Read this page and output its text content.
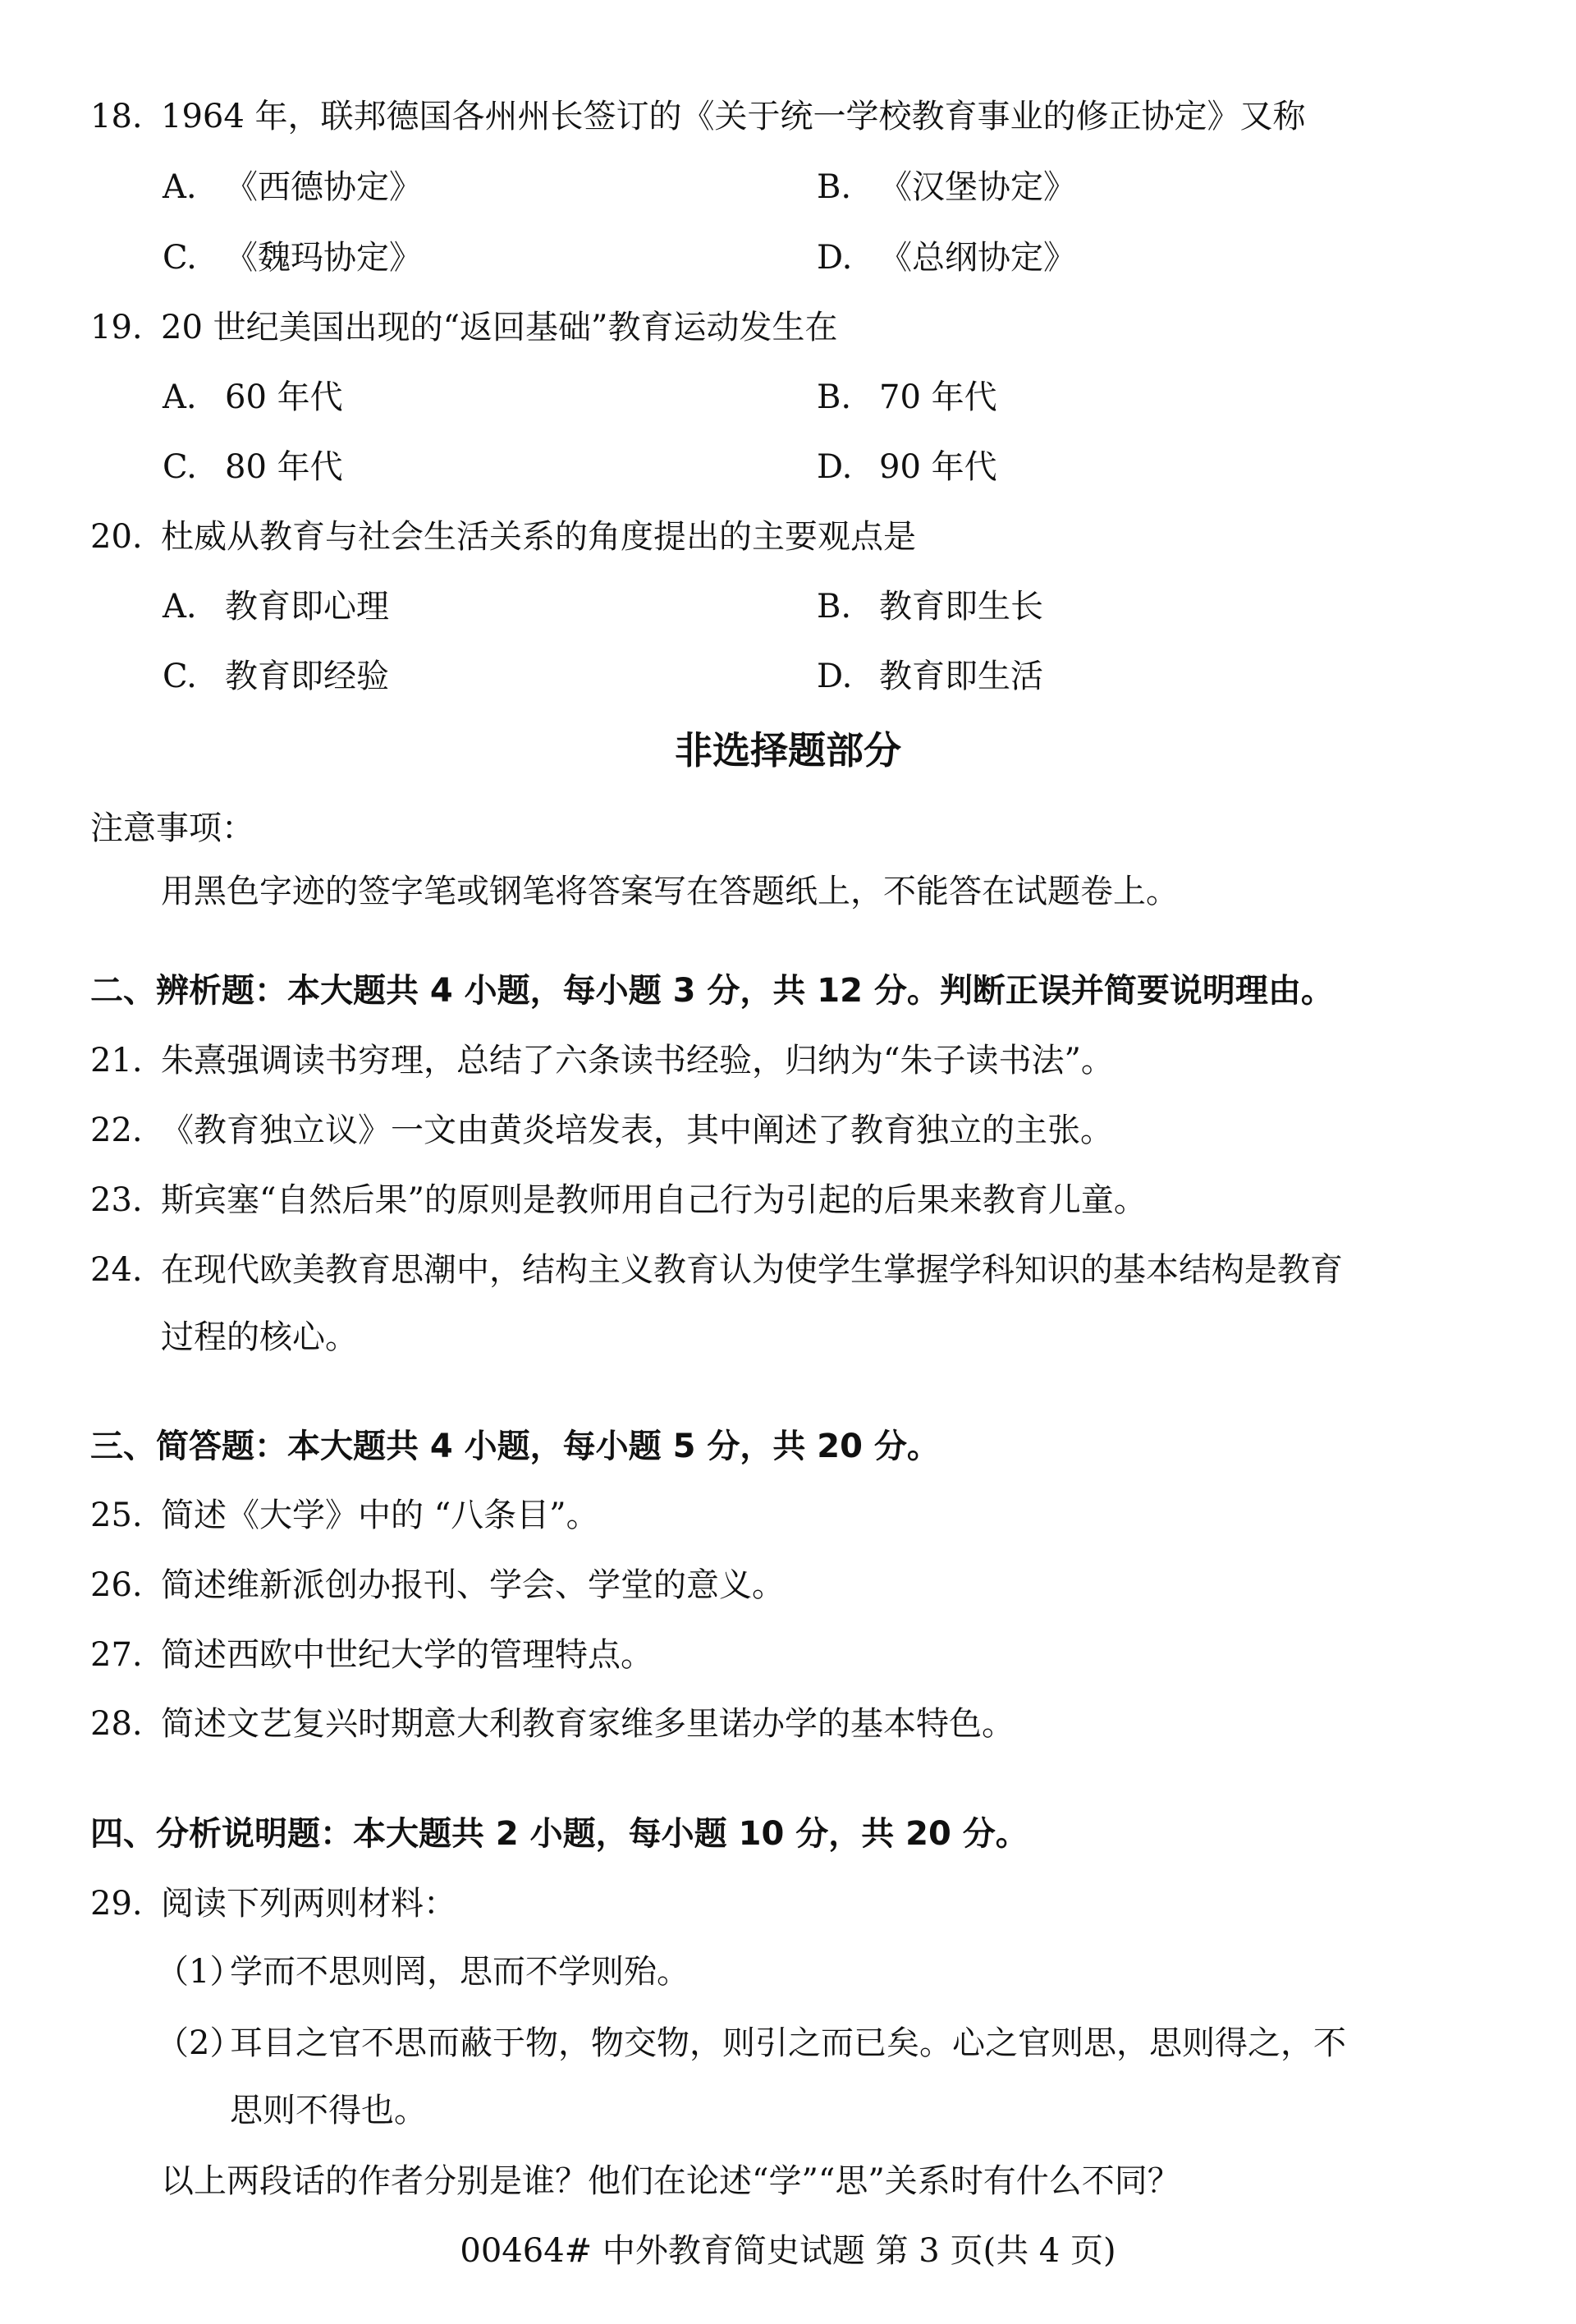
18. 1964 年，联邦德国各州州长签订的《关于统一学校教育事业的修正协定》又称
A. 《西德协定》	B. 《汉堡协定》
C. 《魏玛协定》	D. 《总纲协定》
19. 20 世纪美国出现的“返回基础”教育运动发生在
A. 60 年代	B. 70 年代
C. 80 年代	D. 90 年代
20. 杜威从教育与社会生活关系的角度提出的主要观点是
A. 教育即心理	B. 教育即生长
C. 教育即经验	D. 教育即生活
非选择题部分
注意事项：
用黑色字迹的签字笔或钢笔将答案写在答题纸上，不能答在试题卷上。
二、辨析题：本大题共 4 小题，每小题 3 分，共 12 分。判断正误并简要说明理由。
21. 朱熹强调读书穷理，总结了六条读书经验，归纳为“朱子读书法”。
22. 《教育独立议》一文由黄炎培发表，其中阐述了教育独立的主张。
23. 斯宾塞“自然后果”的原则是教师用自己行为引起的后果来教育儿童。
24. 在现代欧美教育思潮中，结构主义教育认为使学生掌握学科知识的基本结构是教育
过程的核心。
三、简答题：本大题共 4 小题，每小题 5 分，共 20 分。
25. 简述《大学》中的 “八条目”。
26. 简述维新派创办报刊、学会、学堂的意义。
27. 简述西欧中世纪大学的管理特点。
28. 简述文艺复兴时期意大利教育家维多里诺办学的基本特色。
四、分析说明题：本大题共 2 小题，每小题 10 分，共 20 分。
29. 阅读下列两则材料：
（1）学而不思则罔，思而不学则殆。
（2）耳目之官不思而蔽于物，物交物，则引之而已矣。心之官则思，思则得之，不
思则不得也。
以上两段话的作者分别是谁？他们在论述“学”“思”关系时有什么不同？
00464# 中外教育简史试题 第 3 页(共 4 页)
